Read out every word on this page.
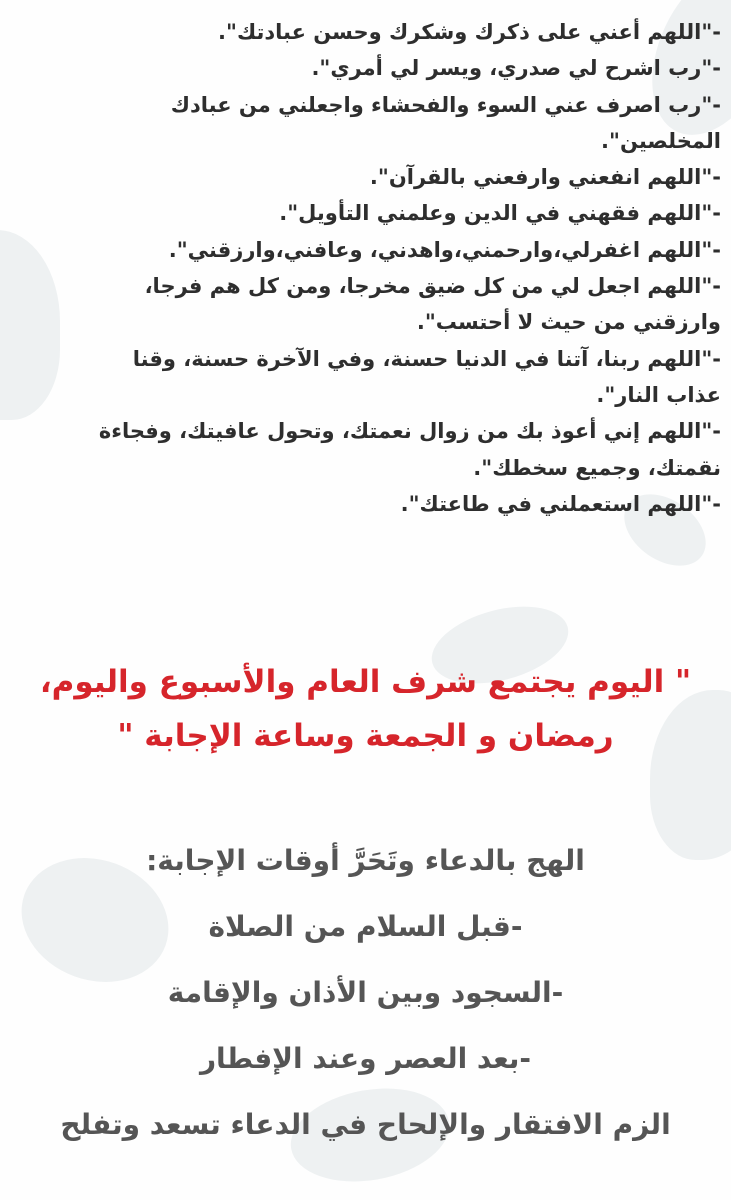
-"اللهم أعني على ذكرك وشكرك وحسن عبادتك".

-"رب اشرح لي صدري، ويسر لي أمري".

-"رب اصرف عني السوء والفحشاء واجعلني من عبادك المخلصين".

-"اللهم انفعني وارفعني بالقرآن".

-"اللهم فقهني في الدين وعلمني التأويل".

-"اللهم اغفرلي،وارحمني،واهدني، وعافني،وارزقني".

-"اللهم اجعل لي من كل ضيق مخرجا، ومن كل هم فرجا، وارزقني من حيث لا أحتسب".

-"اللهم ربنا، آتنا في الدنيا حسنة، وفي الآخرة حسنة، وقنا عذاب النار".

-"اللهم إني أعوذ بك من زوال نعمتك، وتحول عافيتك، وفجاءة نقمتك، وجميع سخطك".

-"اللهم استعملني في طاعتك".

" اليوم يجتمع شرف العام والأسبوع واليوم،
رمضان و الجمعة وساعة الإجابة "

الهج بالدعاء وتَحَرَّ أوقات الإجابة:

-قبل السلام من الصلاة

-السجود وبين الأذان والإقامة

-بعد العصر وعند الإفطار

الزم الافتقار والإلحاح في الدعاء تسعد وتفلح
